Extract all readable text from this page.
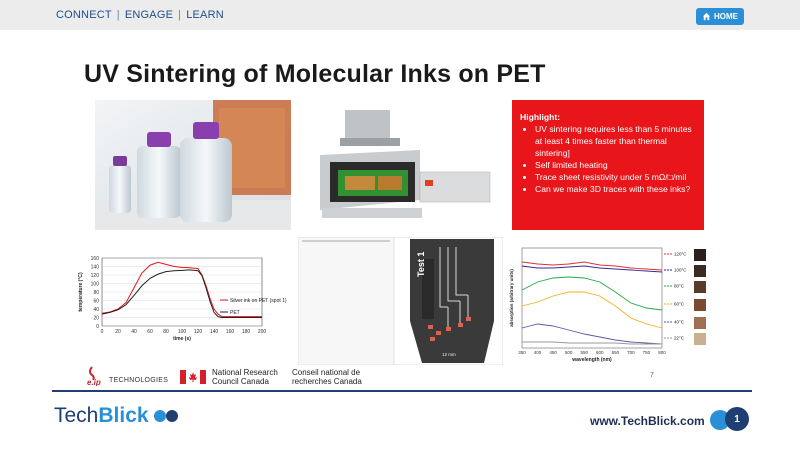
CONNECT | ENGAGE | LEARN	HOME
UV Sintering of Molecular Inks on PET
Highlight:
• UV sintering requires less than 5 minutes at least 4 times faster than thermal sintering]
• Self limited heating
• Trace sheet resistivity under 5 mΩ/□/mil
• Can we make 3D traces with these inks?
0
20
40
60
80
100
120
140
160
0 20 40 60 80 100 120 140 160 180 200
time (s)
temperature (°C)	Silver ink on PET (spot 1)
PET
Test 1
12 mm	350 400 450 500 550 600 650 700 750 800
wavelength (nm)
absorption (arbitrary units)
120°C
100°C
80°C
60°C
40°C
22°C
e.ip TECHNOLOGIES
National Research
Council Canada
Conseil national de
recherches Canada
7
TechBlick	www.TechBlick.com	1
